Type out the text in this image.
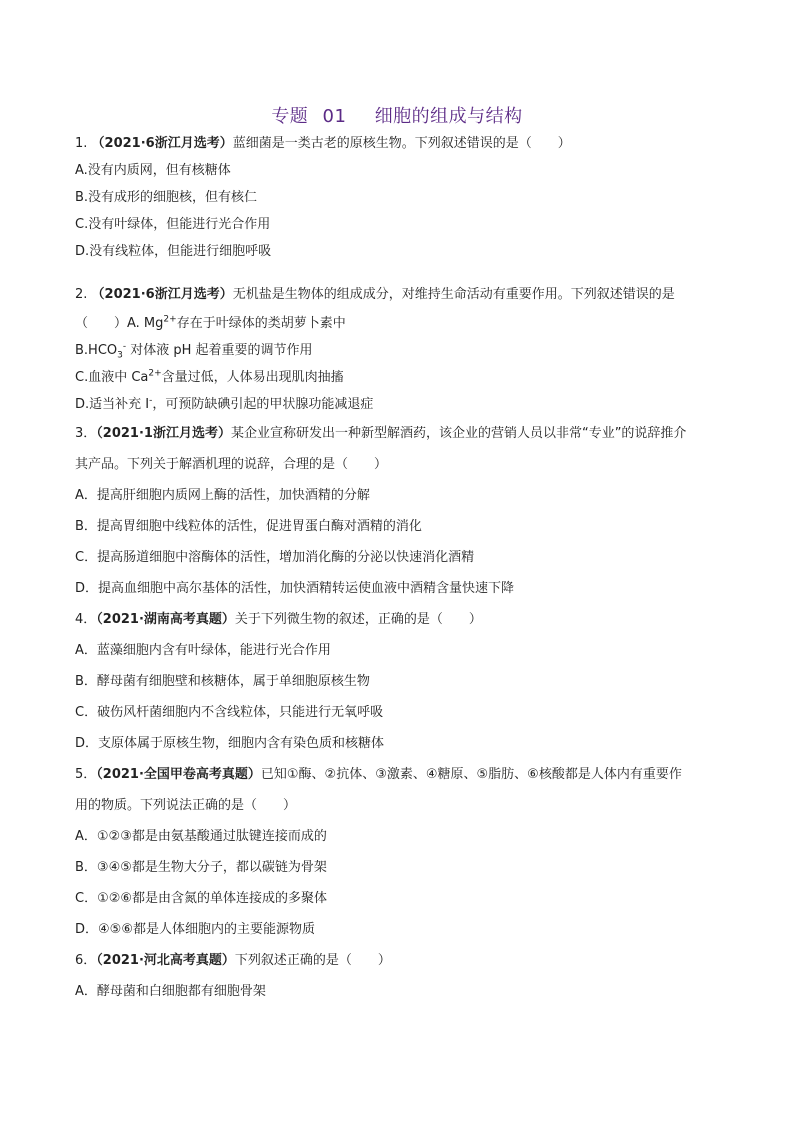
专题 01 细胞的组成与结构

1. （2021·6浙江月选考）蓝细菌是一类古老的原核生物。下列叙述错误的是（　　）

A.没有内质网，但有核糖体

B.没有成形的细胞核，但有核仁

C.没有叶绿体，但能进行光合作用

D.没有线粒体，但能进行细胞呼吸

2. （2021·6浙江月选考）无机盐是生物体的组成成分，对维持生命活动有重要作用。下列叙述错误的是

（　　）A. $Mg^{2+}$存在于叶绿体的类胡萝卜素中

$B.HCO_3^-$ 对体液 pH 起着重要的调节作用

C.血液中 $Ca^{2+}$含量过低，人体易出现肌肉抽搐

D.适当补充 I-，可预防缺碘引起的甲状腺功能减退症

3．（2021·1浙江月选考）某企业宣称研发出一种新型解酒药，该企业的营销人员以非常“专业”的说辞推介

其产品。下列关于解酒机理的说辞，合理的是（　　）

A．提高肝细胞内质网上酶的活性，加快酒精的分解

B．提高胃细胞中线粒体的活性，促进胃蛋白酶对酒精的消化

C．提高肠道细胞中溶酶体的活性，增加消化酶的分泌以快速消化酒精

D．提高血细胞中高尔基体的活性，加快酒精转运使血液中酒精含量快速下降

4．（2021·湖南高考真题）关于下列微生物的叙述，正确的是（　　）

A．蓝藻细胞内含有叶绿体，能进行光合作用

B．酵母菌有细胞壁和核糖体，属于单细胞原核生物

C．破伤风杆菌细胞内不含线粒体，只能进行无氧呼吸

D．支原体属于原核生物，细胞内含有染色质和核糖体

5．（2021·全国甲卷高考真题）已知①酶、②抗体、③激素、④糖原、⑤脂肪、⑥核酸都是人体内有重要作

用的物质。下列说法正确的是（　　）

A．①②③都是由氨基酸通过肽键连接而成的

B．③④⑤都是生物大分子，都以碳链为骨架

C．①②⑥都是由含氮的单体连接成的多聚体

D．④⑤⑥都是人体细胞内的主要能源物质

6．（2021·河北高考真题）下列叙述正确的是（　　）

A．酵母菌和白细胞都有细胞骨架
